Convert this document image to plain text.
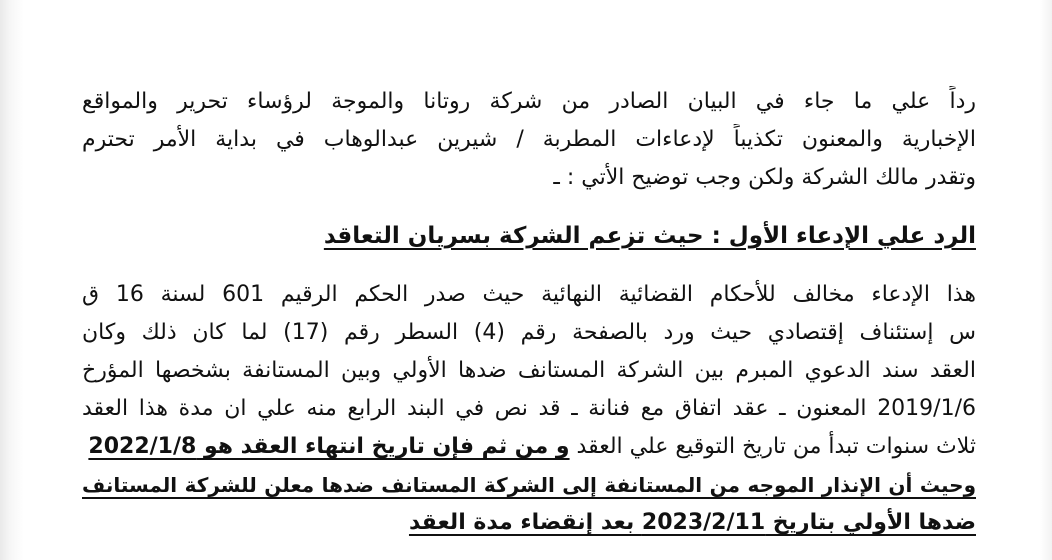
رداً علي ما جاء في البيان الصادر من شركة روتانا والموجة لرؤساء تحرير والمواقع
الإخبارية والمعنون تكذيباً لإدعاءات المطربة / شيرين عبدالوهاب في بداية الأمر تحترم
وتقدر مالك الشركة ولكن وجب توضيح الأتي : ـ
الرد علي الإدعاء الأول : حيث تزعم الشركة بسريان التعاقد
هذا الإدعاء مخالف للأحكام القضائية النهائية حيث صدر الحكم الرقيم 601 لسنة 16 ق
س إستئناف إقتصادي حيث ورد بالصفحة رقم (4) السطر رقم (17) لما كان ذلك وكان
العقد سند الدعوي المبرم بين الشركة المستانف ضدها الأولي وبين المستانفة بشخصها المؤرخ
2019/1/6 المعنون ـ عقد اتفاق مع فنانة ـ قد نص في البند الرابع منه علي ان مدة هذا العقد
ثلاث سنوات تبدأ من تاريخ التوقيع علي العقد و من ثم فإن تاريخ انتهاء العقد هو 2022/1/8
وحيث أن الإنذار الموجه من المستانفة إلى الشركة المستانف ضدها معلن للشركة المستانف
ضدها الأولي بتاريخ 2023/2/11 بعد إنقضاء مدة العقد
